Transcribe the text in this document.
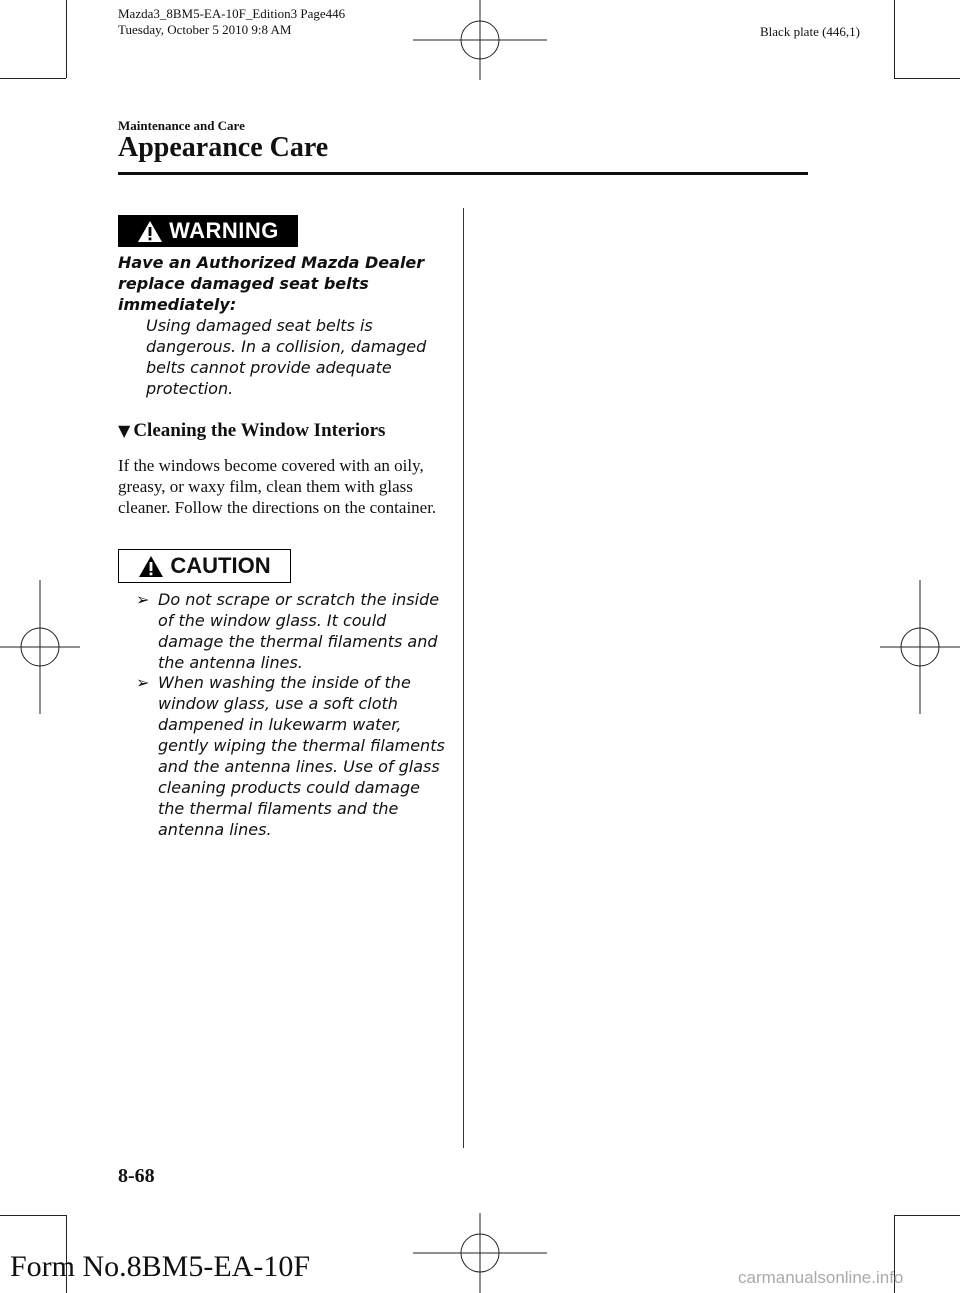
Mazda3_8BM5-EA-10F_Edition3 Page446
Tuesday, October 5 2010 9:8 AM	Black plate (446,1)
Maintenance and Care
Appearance Care
WARNING
Have an Authorized Mazda Dealer replace damaged seat belts immediately:
Using damaged seat belts is dangerous. In a collision, damaged belts cannot provide adequate protection.
▼ Cleaning the Window Interiors
If the windows become covered with an oily, greasy, or waxy film, clean them with glass cleaner. Follow the directions on the container.
CAUTION
➢ Do not scrape or scratch the inside of the window glass. It could damage the thermal filaments and the antenna lines.
➢ When washing the inside of the window glass, use a soft cloth dampened in lukewarm water, gently wiping the thermal filaments and the antenna lines. Use of glass cleaning products could damage the thermal filaments and the antenna lines.
8-68
Form No.8BM5-EA-10F	carmanualsonline.info
